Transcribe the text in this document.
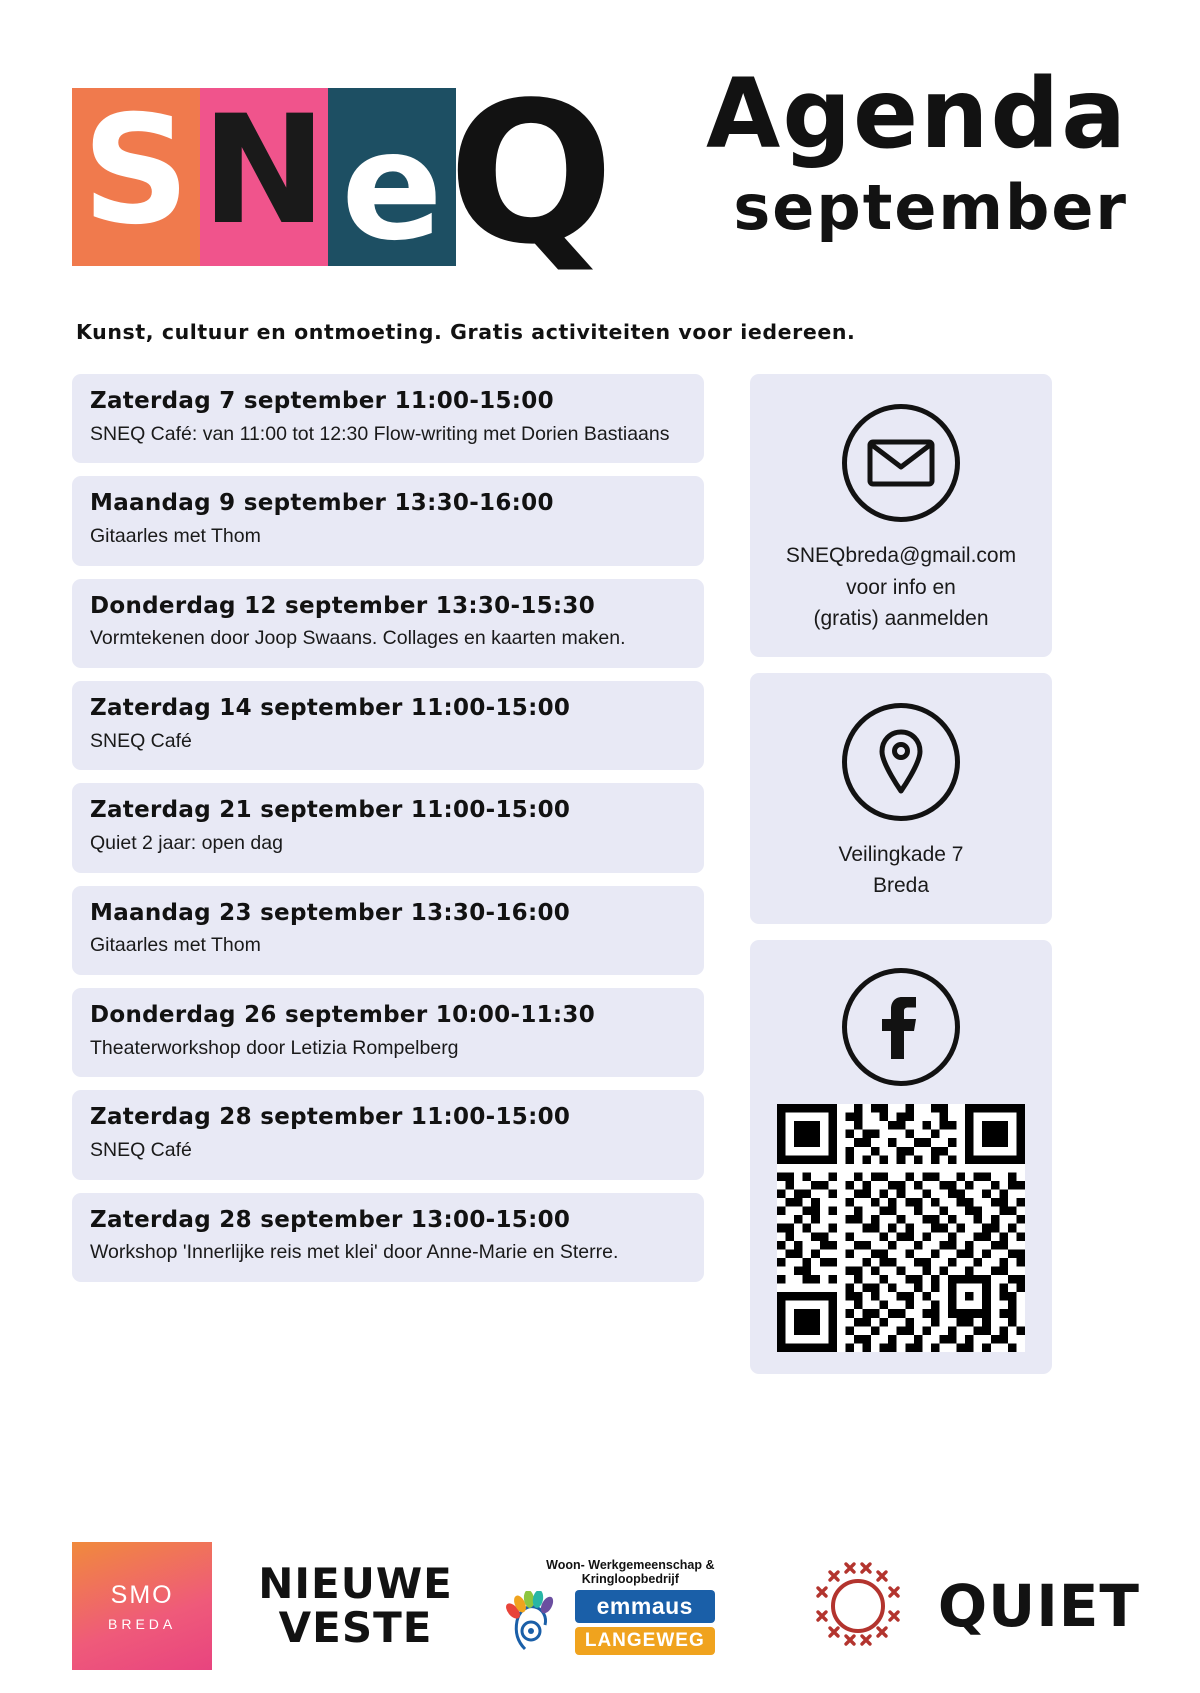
S N e Q Agenda
september
Kunst, cultuur en ontmoeting. Gratis activiteiten voor iedereen.
Zaterdag 7 september 11:00-15:00
SNEQ Café: van 11:00 tot 12:30 Flow-writing met Dorien Bastiaans
Maandag 9 september 13:30-16:00
Gitaarles met Thom
Donderdag 12 september 13:30-15:30
Vormtekenen door Joop Swaans. Collages en kaarten maken.
Zaterdag 14 september 11:00-15:00
SNEQ Café
Zaterdag 21 september 11:00-15:00
Quiet 2 jaar: open dag
Maandag 23 september 13:30-16:00
Gitaarles met Thom
Donderdag 26 september 10:00-11:30
Theaterworkshop door Letizia Rompelberg
Zaterdag 28 september 11:00-15:00
SNEQ Café
Zaterdag 28 september 13:00-15:00
Workshop 'Innerlijke reis met klei' door Anne-Marie en Sterre.
SNEQbreda@gmail.com
voor info en
(gratis) aanmelden
Veilingkade 7
Breda
SMO
BREDA
NIEUWE
VESTE
Woon- Werkgemeenschap & Kringloopbedrijf
emmaus
LANGEWEG	QUIET
